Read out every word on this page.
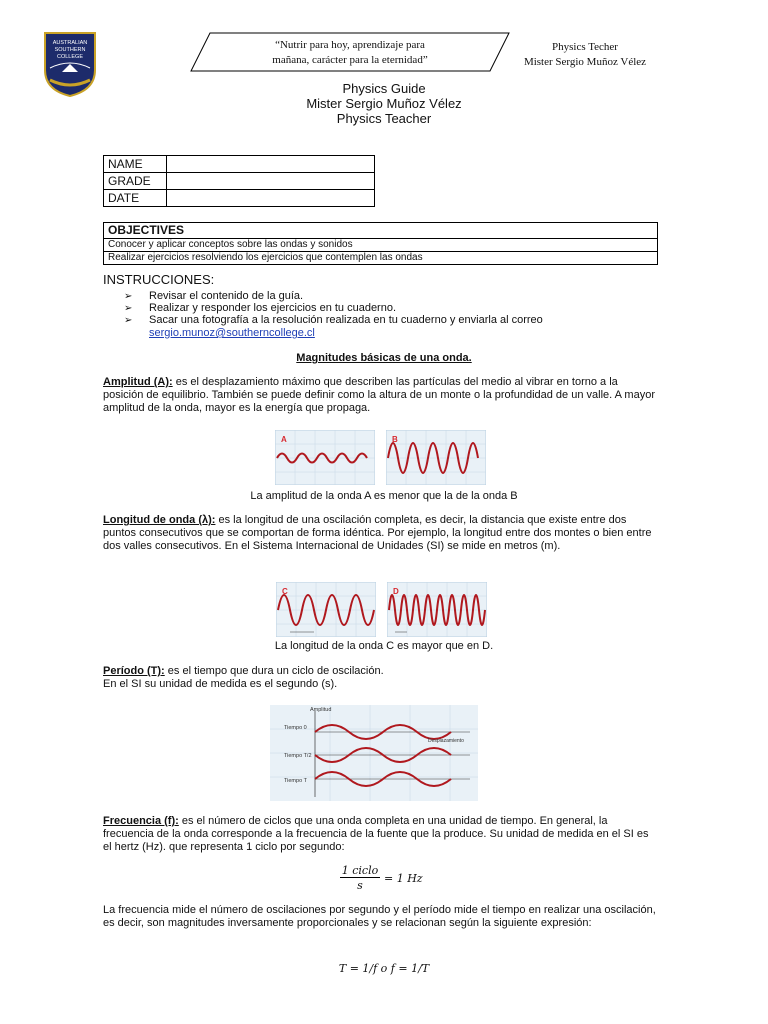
AUSTRALIAN
SOUTHERN
COLLEGE
“Nutrir para hoy, aprendizaje para
mañana, carácter para la eternidad”
Physics Techer
Mister Sergio Muñoz Vélez
Physics Guide
Mister Sergio Muñoz Vélez
Physics Teacher
NAME	
GRADE	
DATE	
OBJECTIVES
Conocer y aplicar conceptos sobre las ondas y sonidos
Realizar ejercicios resolviendo los ejercicios que contemplen las ondas
INSTRUCCIONES:
➢ Revisar el contenido de la guía.
➢ Realizar y responder los ejercicios en tu cuaderno.
➢ Sacar una fotografía a la resolución realizada en tu cuaderno y enviarla al correo
sergio.munoz@southerncollege.cl
Magnitudes básicas de una onda.
Amplitud (A): es el desplazamiento máximo que describen las partículas del medio al vibrar en torno a la posición de equilibrio. También se puede definir como la altura de un monte o la profundidad de un valle. A mayor amplitud de la onda, mayor es la energía que propaga.
A	B
La amplitud de la onda A es menor que la de la onda B
Longitud de onda (λ): es la longitud de una oscilación completa, es decir, la distancia que existe entre dos puntos consecutivos que se comportan de forma idéntica. Por ejemplo, la longitud entre dos montes o bien entre dos valles consecutivos. En el Sistema Internacional de Unidades (SI) se mide en metros (m).
C	D
La longitud de la onda C es mayor que en D.
Período (T): es el tiempo que dura un ciclo de oscilación.
En el SI su unidad de medida es el segundo (s).
Amplitud
Desplazamiento
Tiempo 0
Tiempo T/2
Tiempo T
Frecuencia (f): es el número de ciclos que una onda completa en una unidad de tiempo. En general, la frecuencia de la onda corresponde a la frecuencia de la fuente que la produce. Su unidad de medida en el SI es el hertz (Hz). que representa 1 ciclo por segundo:
1 ciclo
s
= 1 Hz
La frecuencia mide el número de oscilaciones por segundo y el período mide el tiempo en realizar una oscilación, es decir, son magnitudes inversamente proporcionales y se relacionan según la siguiente expresión:
T = 1/f o f = 1/T
